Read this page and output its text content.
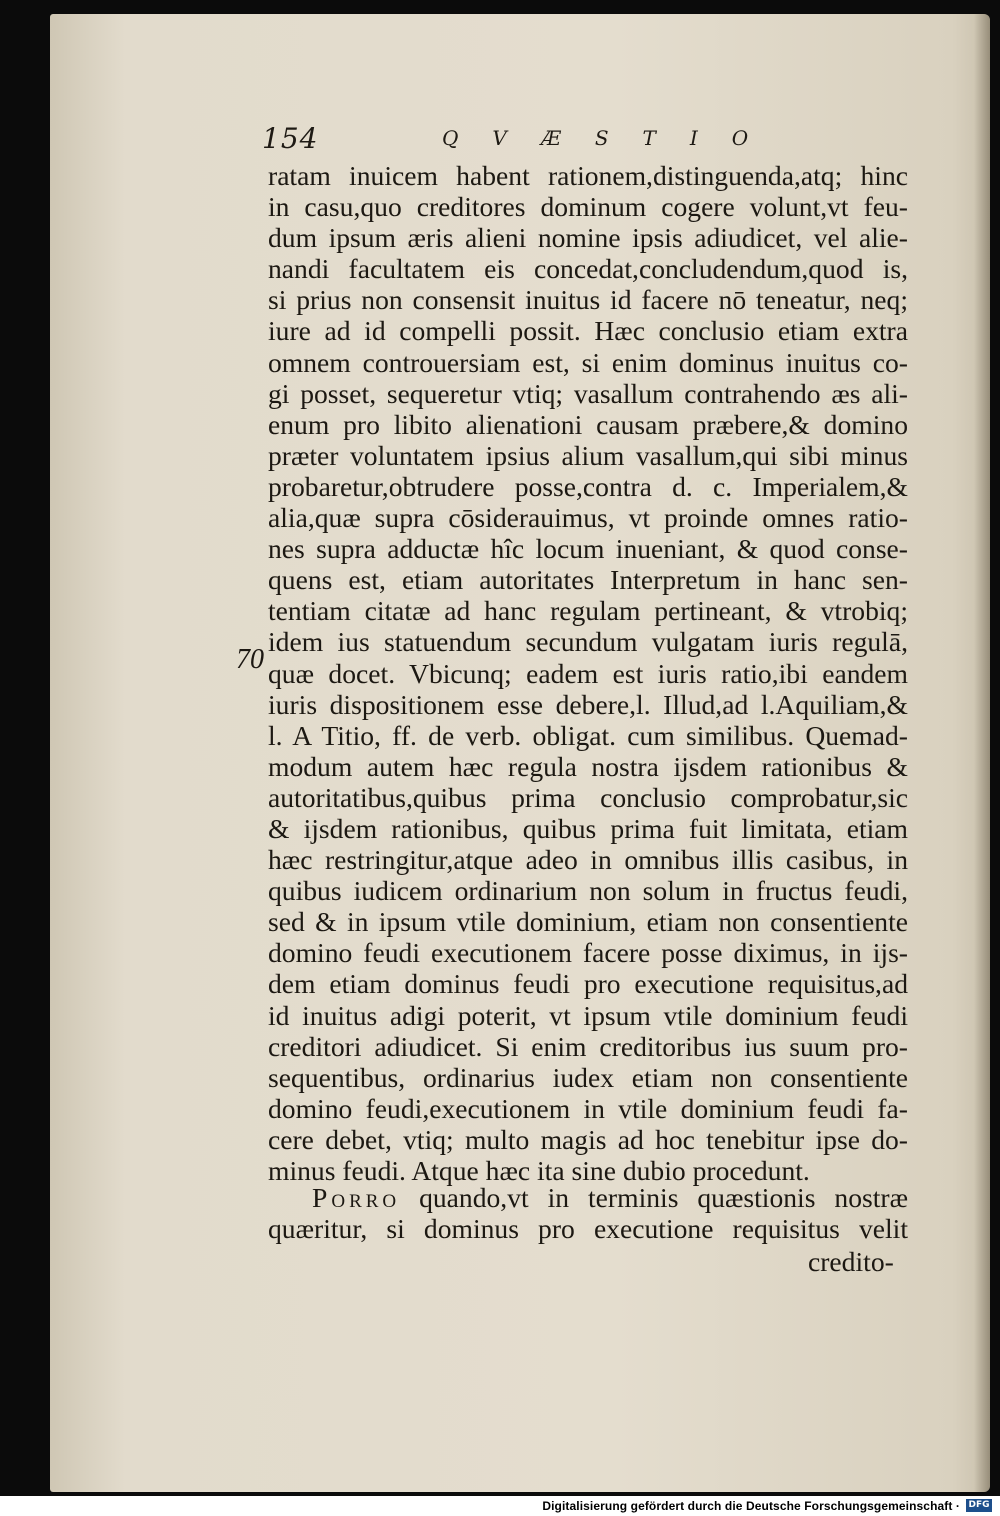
154	QVÆSTIO
70
ratam inuicem habent rationem,distinguenda,atq; hinc
in casu,quo creditores dominum cogere volunt,vt feu-
dum ipsum æris alieni nomine ipsis adiudicet, vel alie-
nandi facultatem eis concedat,concludendum,quod is,
si prius non consensit inuitus id facere nō teneatur, neq;
iure ad id compelli possit. Hæc conclusio etiam extra
omnem controuersiam est, si enim dominus inuitus co-
gi posset, sequeretur vtiq; vasallum contrahendo æs ali-
enum pro libito alienationi causam præbere,& domino
præter voluntatem ipsius alium vasallum,qui sibi minus
probaretur,obtrudere posse,contra d. c. Imperialem,&
alia,quæ supra cōsiderauimus, vt proinde omnes ratio-
nes supra adductæ hîc locum inueniant, & quod conse-
quens est, etiam autoritates Interpretum in hanc sen-
tentiam citatæ ad hanc regulam pertineant, & vtrobiq;
idem ius statuendum secundum vulgatam iuris regulā,
quæ docet. Vbicunq; eadem est iuris ratio,ibi eandem
iuris dispositionem esse debere,l. Illud,ad l.Aquiliam,&
l. A Titio, ff. de verb. obligat. cum similibus. Quemad-
modum autem hæc regula nostra ijsdem rationibus &
autoritatibus,quibus prima conclusio comprobatur,sic
& ijsdem rationibus, quibus prima fuit limitata, etiam
hæc restringitur,atque adeo in omnibus illis casibus, in
quibus iudicem ordinarium non solum in fructus feudi,
sed & in ipsum vtile dominium, etiam non consentiente
domino feudi executionem facere posse diximus, in ijs-
dem etiam dominus feudi pro executione requisitus,ad
id inuitus adigi poterit, vt ipsum vtile dominium feudi
creditori adiudicet. Si enim creditoribus ius suum pro-
sequentibus, ordinarius iudex etiam non consentiente
domino feudi,executionem in vtile dominium feudi fa-
cere debet, vtiq; multo magis ad hoc tenebitur ipse do-
minus feudi. Atque hæc ita sine dubio procedunt.
Porro quando,vt in terminis quæstionis nostræ
quæritur, si dominus pro executione requisitus velit
credito-
Digitalisierung gefördert durch die Deutsche Forschungsgemeinschaft · DFG
